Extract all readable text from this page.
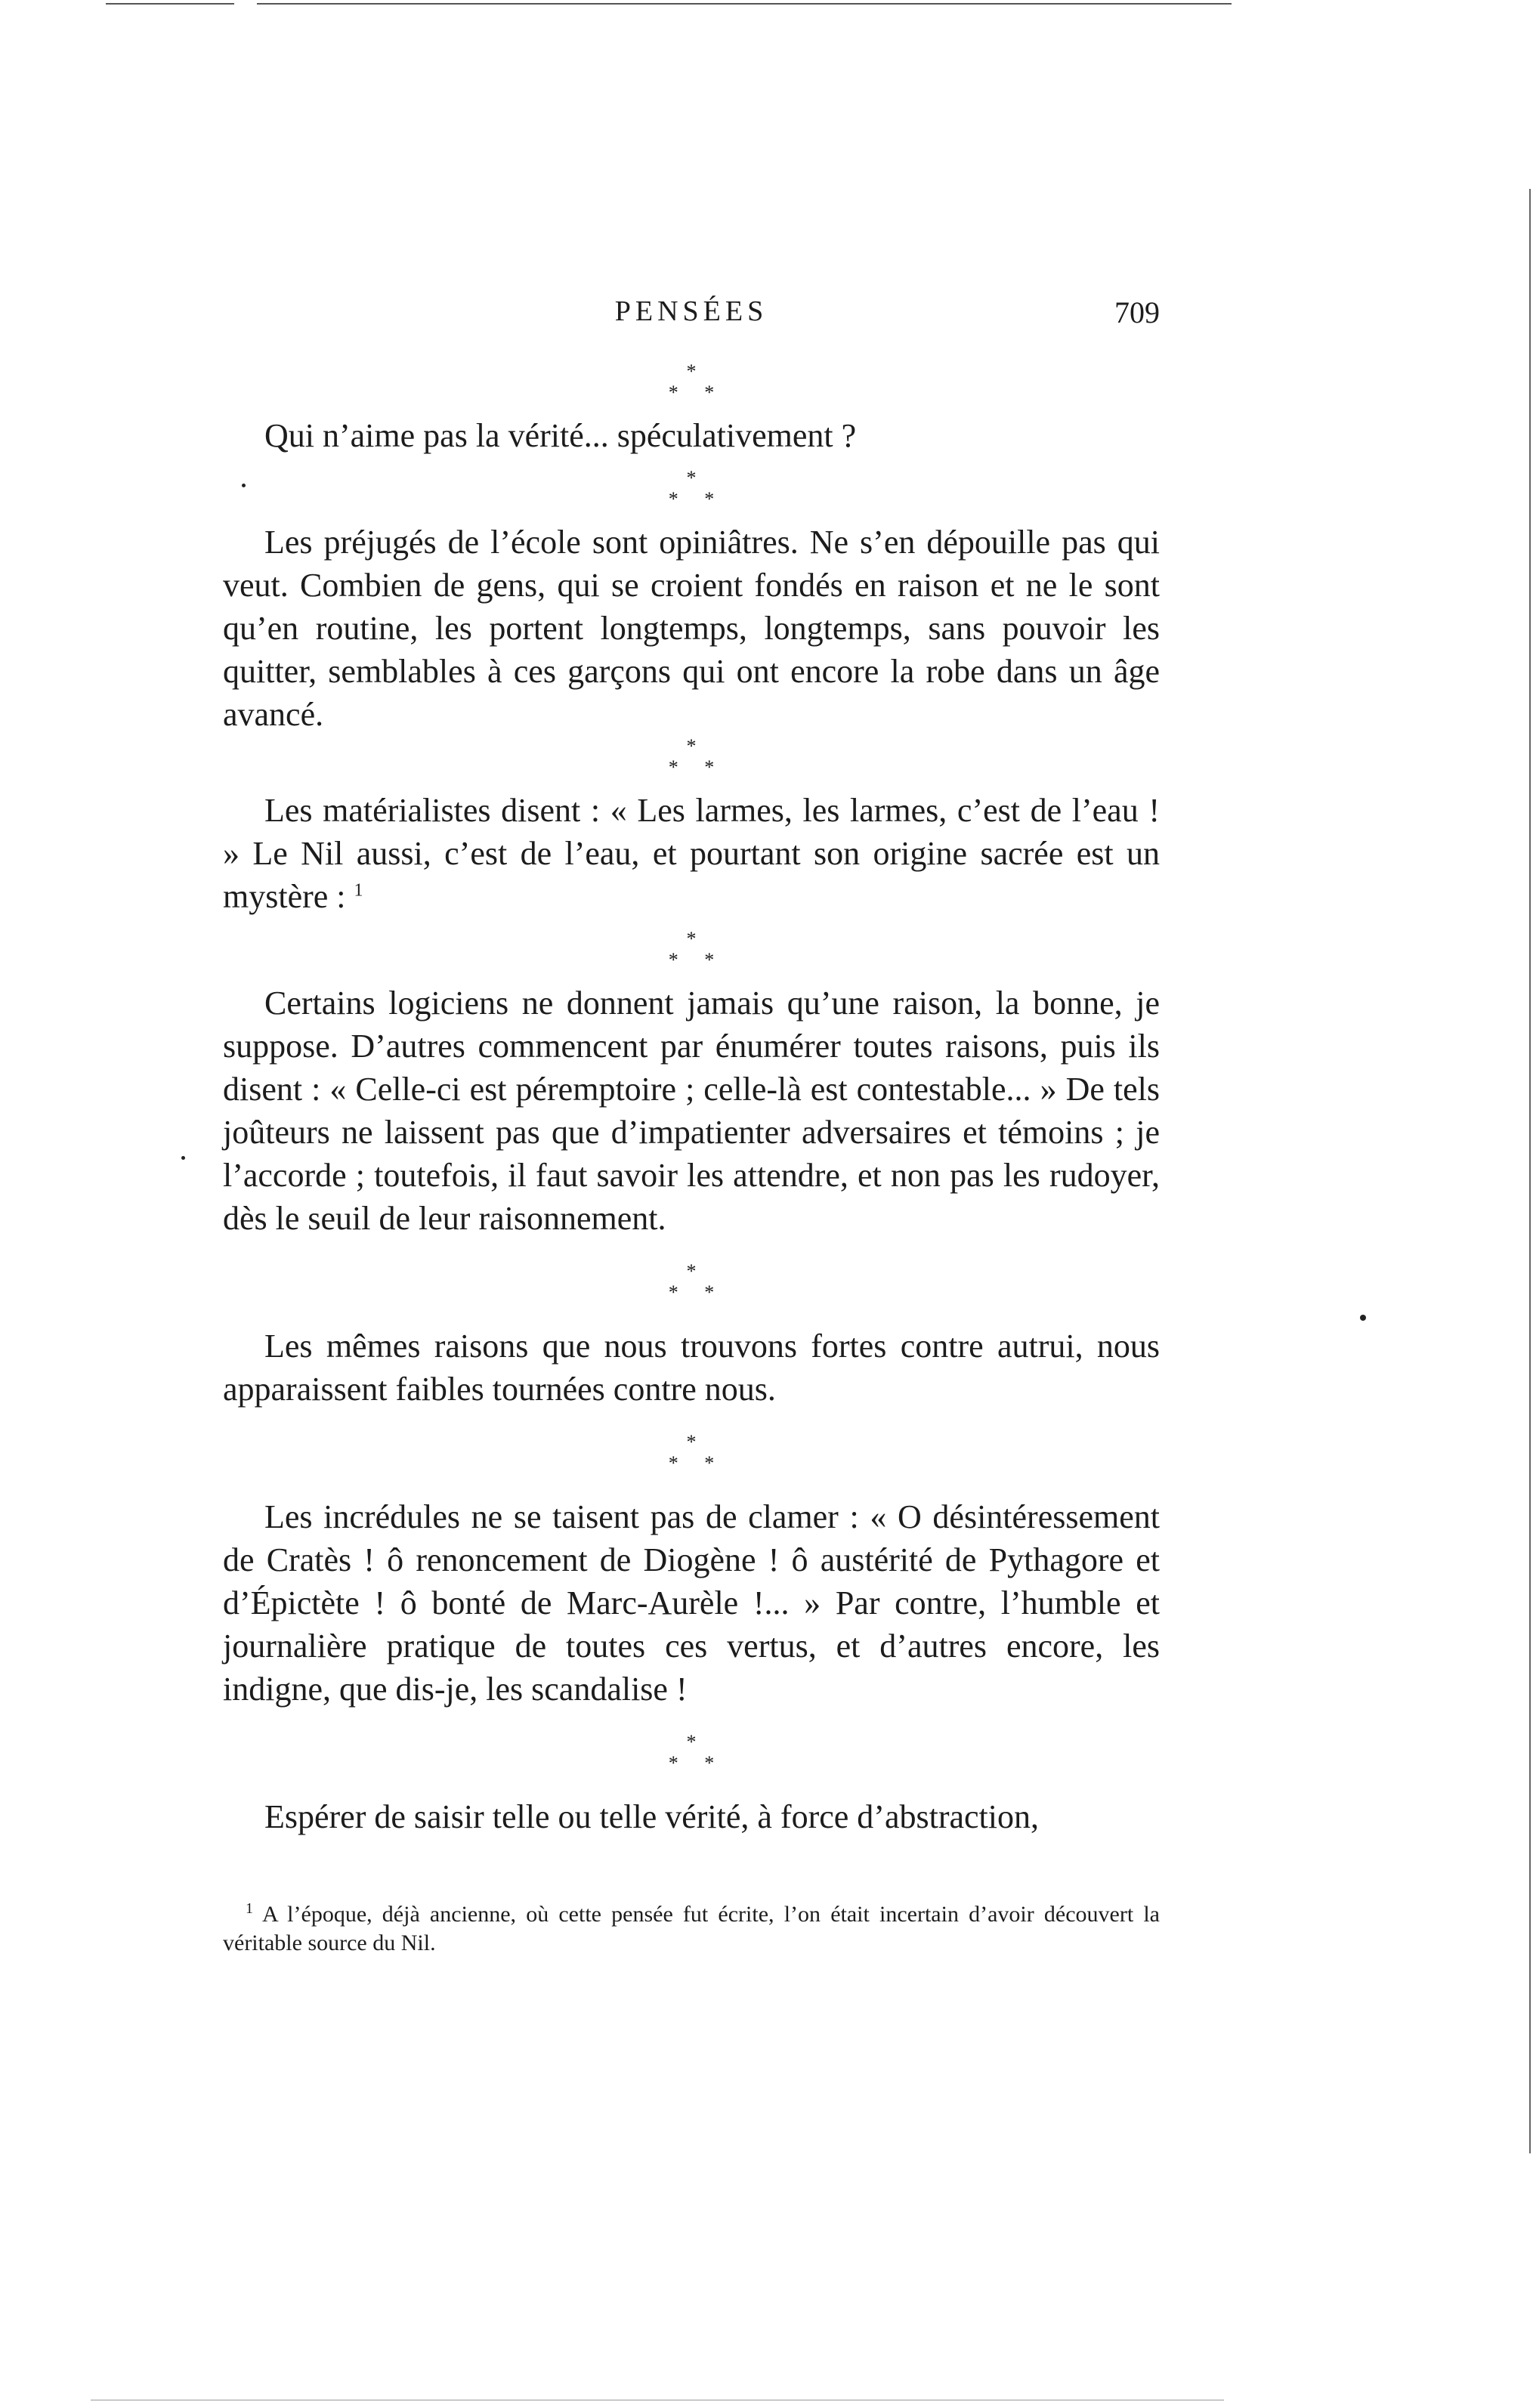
PENSÉES	709
*
* *

Qui n’aime pas la vérité... spéculativement ?

*
* *

Les préjugés de l’école sont opiniâtres. Ne s’en dépouille pas qui veut. Combien de gens, qui se croient fondés en raison et ne le sont qu’en routine, les portent longtemps, longtemps, sans pouvoir les quitter, semblables à ces garçons qui ont encore la robe dans un âge avancé.

*
* *

Les matérialistes disent : « Les larmes, les larmes, c’est de l’eau ! » Le Nil aussi, c’est de l’eau, et pourtant son origine sacrée est un mystère : $^1$

*
* *

Certains logiciens ne donnent jamais qu’une raison, la bonne, je suppose. D’autres commencent par énumérer toutes raisons, puis ils disent : « Celle-ci est péremptoire ; celle-là est contestable... » De tels joûteurs ne laissent pas que d’impatienter adversaires et témoins ; je l’accorde ; toutefois, il faut savoir les attendre, et non pas les rudoyer, dès le seuil de leur raisonnement.

*
* *

Les mêmes raisons que nous trouvons fortes contre autrui, nous apparaissent faibles tournées contre nous.

*
* *

Les incrédules ne se taisent pas de clamer : « O désintéressement de Cratès ! ô renoncement de Diogène ! ô austérité de Pythagore et d’Épictète ! ô bonté de Marc-Aurèle !... » Par contre, l’humble et journalière pratique de toutes ces vertus, et d’autres encore, les indigne, que dis-je, les scandalise !

*
* *

Espérer de saisir telle ou telle vérité, à force d’abstraction,

$^1$ A l’époque, déjà ancienne, où cette pensée fut écrite, l’on était incertain d’avoir découvert la véritable source du Nil.
